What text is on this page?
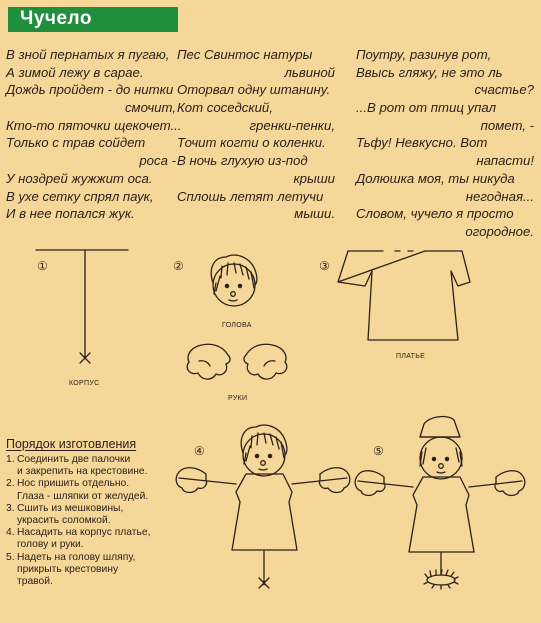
Чучело
В зной пернатых я пугаю,
А зимой лежу в сарае.
Дождь пройдет - до нитки
смочит,
Кто-то пяточки щекочет...
Только с трав сойдет
роса -
У ноздрей жужжит оса.
В ухе сетку спрял паук,
И в нее попался жук.
Пес Свинтос натуры
львиной
Оторвал одну штанину.
Кот соседский,
гренки-пенки,
Точит когти о коленки.
В ночь глухую из-под
крыши
Сплошь летят летучи
мыши.
Поутру, разинув рот,
Ввысь гляжу, не это ль
счастье?
...В рот от птиц упал
помет, -
Тьфу! Невкусно. Вот
напасти!
Долюшка моя, ты никуда
негодная...
Словом, чучело я просто
огородное.
①	②	③
④	⑤
КОРПУС
ГОЛОВА
РУКИ
ПЛАТЬЕ
Порядок изготовления
1. Соединить две палочки
и закрепить на крестовине.
2. Нос пришить отдельно.
Глаза - шляпки от желудей.
3. Сшить из мешковины,
украсить соломкой.
4. Насадить на корпус платье,
голову и руки.
5. Надеть на голову шляпу,
прикрыть крестовину
травой.
